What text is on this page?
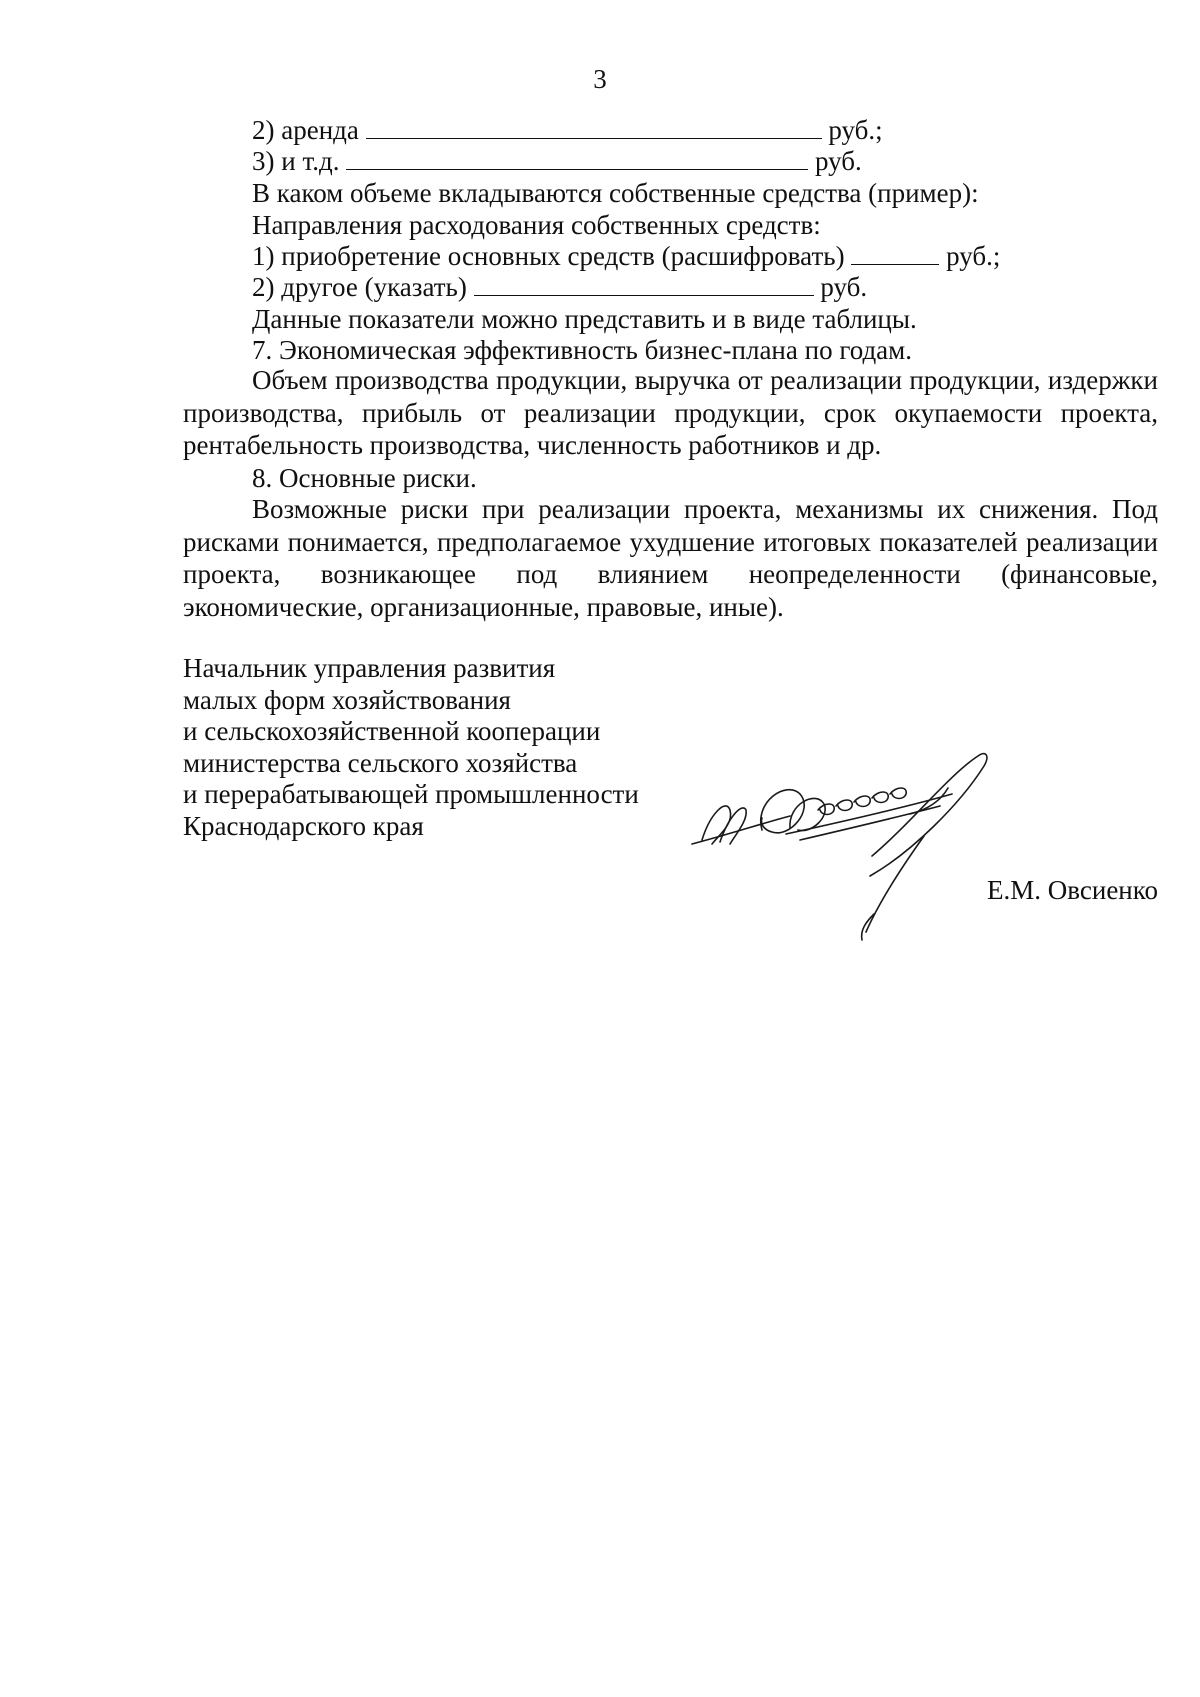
3
2) аренда	руб.;
3) и т.д.	руб.
В каком объеме вкладываются собственные средства (пример):
Направления расходования собственных средств:
1) приобретение основных средств (расшифровать)	руб.;
2) другое (указать)	руб.
Данные показатели можно представить и в виде таблицы.
7. Экономическая эффективность бизнес-плана по годам.

Объем производства продукции, выручка от реализации продукции, издержки производства, прибыль от реализации продукции, срок окупаемости проекта, рентабельность производства, численность работников и др.

8. Основные риски.

Возможные риски при реализации проекта, механизмы их снижения. Под рисками понимается, предполагаемое ухудшение итоговых показателей реализации проекта, возникающее под влиянием неопределенности (финансовые, экономические, организационные, правовые, иные).

Начальник управления развития
малых форм хозяйствования
и сельскохозяйственной кооперации
министерства сельского хозяйства
и перерабатывающей промышленности
Краснодарского края
Е.М. Овсиенко
